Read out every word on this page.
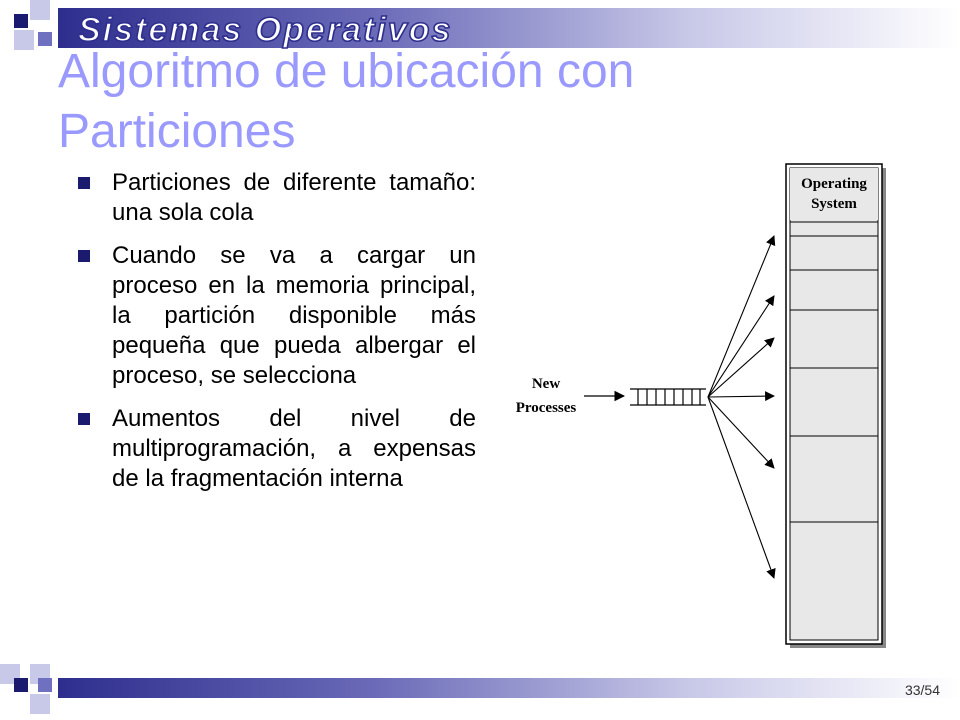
Sistemas Operativos
Algoritmo de ubicación con
Particiones
Particiones de diferente tamaño: una sola cola
Cuando se va a cargar un proceso en la memoria principal, la partición disponible más pequeña que pueda albergar el proceso, se selecciona
Aumentos del nivel de multiprogramación, a expensas de la fragmentación interna
Operating
System
New
Processes
33/54
